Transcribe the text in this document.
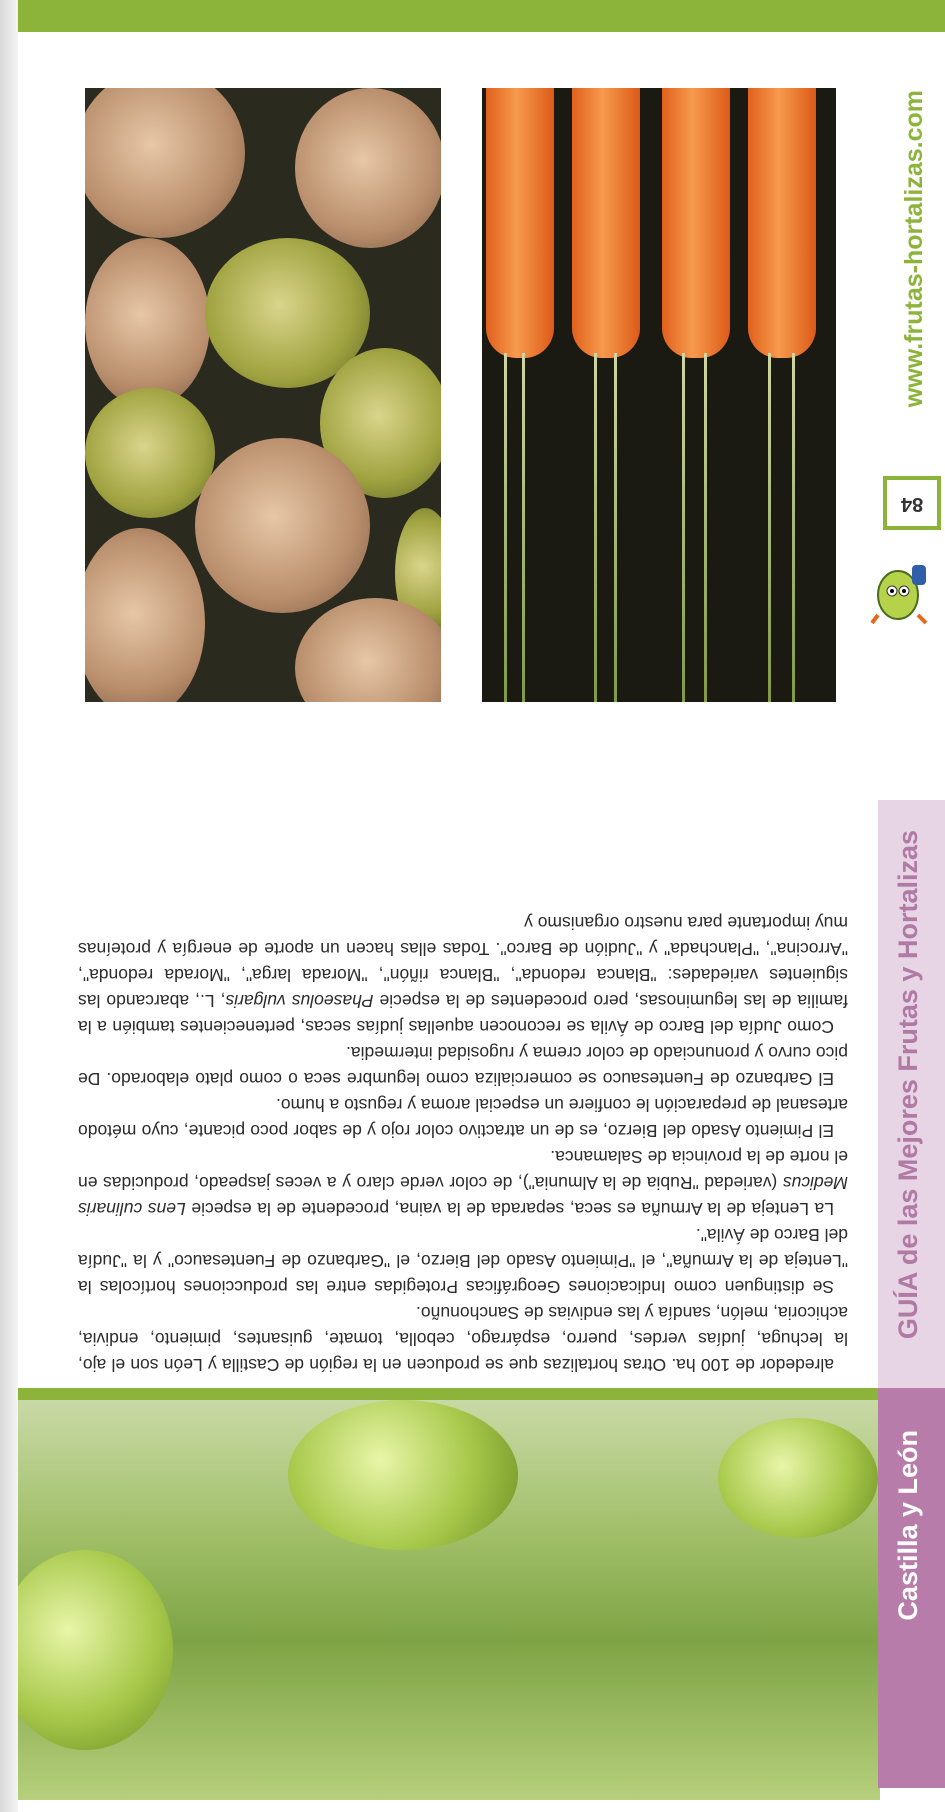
GUÍA de las Mejores Frutas y Hortalizas
www.frutas-hortalizas.com
84

alrededor de 100 ha. Otras hortalizas que se producen en la región de Castilla y León son el ajo, la lechuga, judías verdes, puerro, espárrago, cebolla, tomate, guisantes, pimiento, endivia, achicoria, melón, sandía y las endivias de Sanchonuño.

Se distinguen como Indicaciones Geográficas Protegidas entre las producciones hortícolas la "Lenteja de la Armuña", el "Pimiento Asado del Bierzo, el "Garbanzo de Fuentesauco" y la "Judía del Barco de Ávila".

La Lenteja de la Armuña es seca, separada de la vaina, procedente de la especie Lens culinaris Medicus (variedad "Rubia de la Almunia"), de color verde claro y a veces jaspeado, producidas en el norte de la provincia de Salamanca.

El Pimiento Asado del Bierzo, es de un atractivo color rojo y de sabor poco picante, cuyo método artesanal de preparación le confiere un especial aroma y regusto a humo.

El Garbanzo de Fuentesauco se comercializa como legumbre seca o como plato elaborado. De pico curvo y pronunciado de color crema y rugosidad intermedia.

Como Judía del Barco de Ávila se reconocen aquellas judías secas, pertenecientes también a la familia de las leguminosas, pero procedentes de la especie Phaseolus vulgaris, L., abarcando las siguientes variedades: "Blanca redonda", "Blanca riñón", "Morada larga", "Morada redonda", "Arrocina", "Planchada" y "Judión de Barco". Todas ellas hacen un aporte de energía y proteínas muy importante para nuestro organismo y

Castilla y León
